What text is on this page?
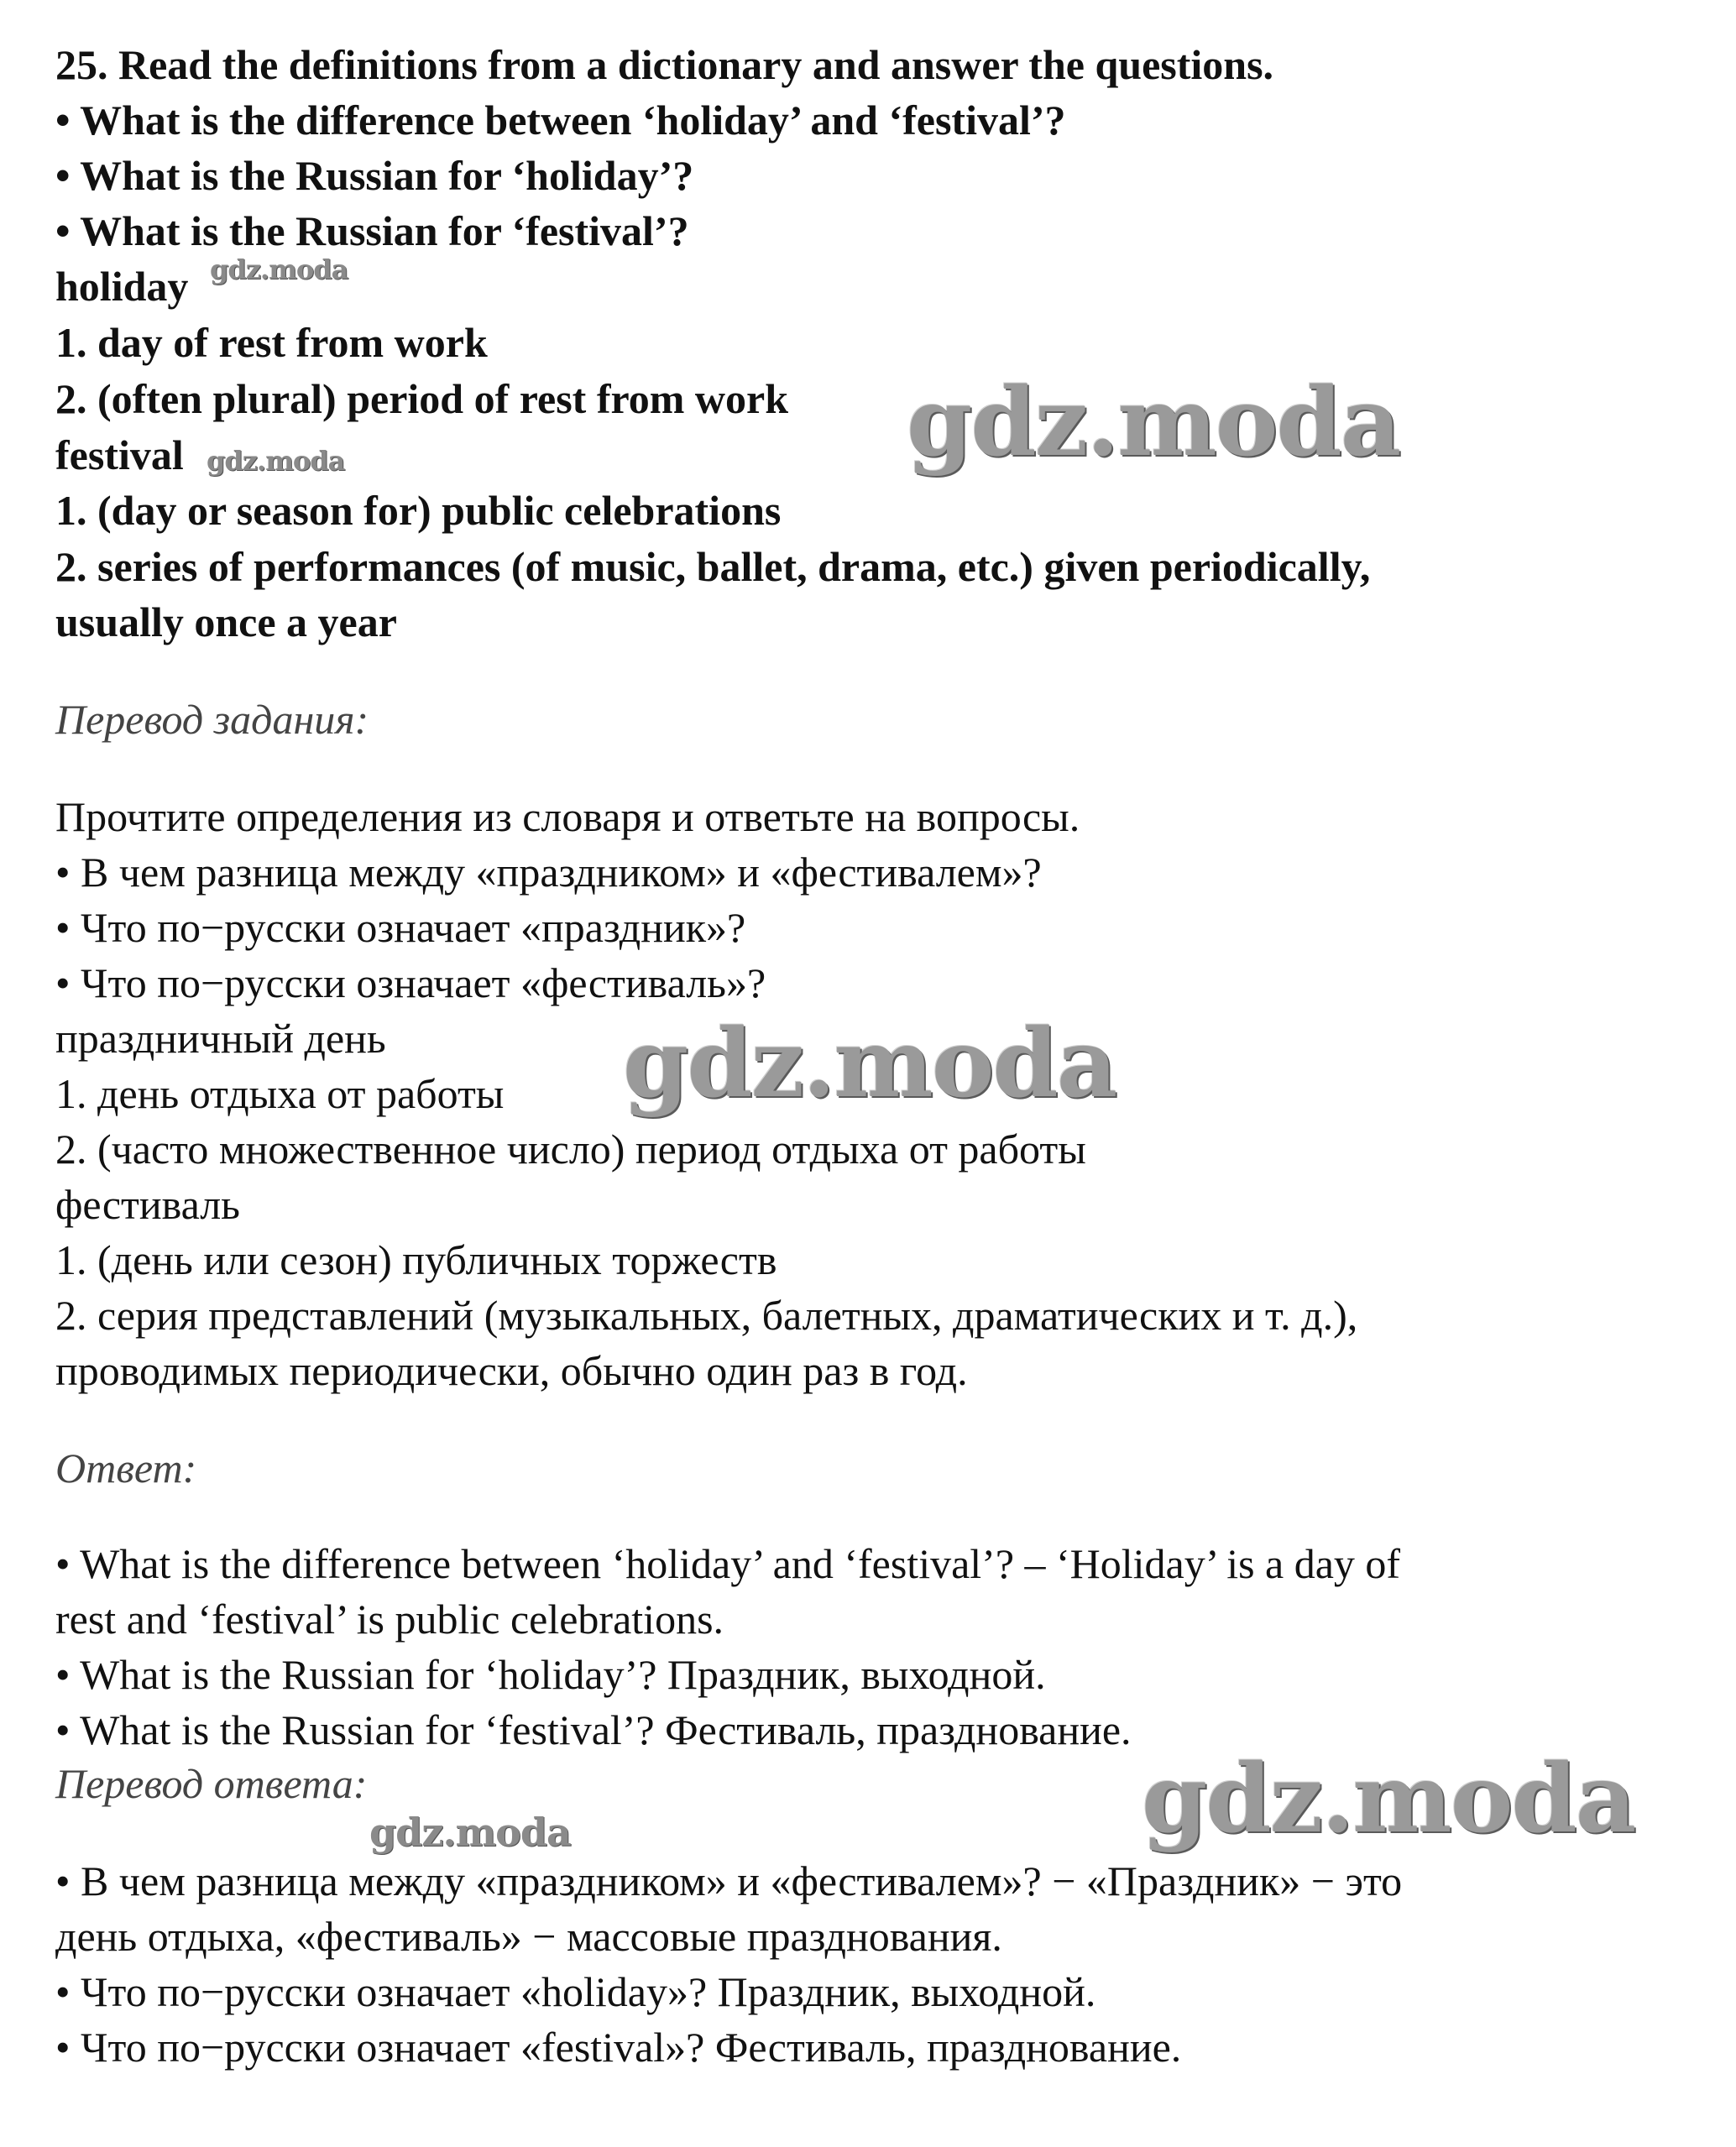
25. Read the definitions from a dictionary and answer the questions.
• What is the difference between ‘holiday’ and ‘festival’?
• What is the Russian for ‘holiday’?
• What is the Russian for ‘festival’?
holiday
1. day of rest from work
2. (often plural) period of rest from work
festival
1. (day or season for) public celebrations
2. series of performances (of music, ballet, drama, etc.) given periodically,
usually once a year
Перевод задания:
Прочтите определения из словаря и ответьте на вопросы.
• В чем разница между «праздником» и «фестивалем»?
• Что по−русски означает «праздник»?
• Что по−русски означает «фестиваль»?
праздничный день
1. день отдыха от работы
2. (часто множественное число) период отдыха от работы
фестиваль
1. (день или сезон) публичных торжеств
2. серия представлений (музыкальных, балетных, драматических и т. д.),
проводимых периодически, обычно один раз в год.
Ответ:
• What is the difference between ‘holiday’ and ‘festival’? – ‘Holiday’ is a day of
rest and ‘festival’ is public celebrations.
• What is the Russian for ‘holiday’? Праздник, выходной.
• What is the Russian for ‘festival’? Фестиваль, празднование.
Перевод ответа:
• В чем разница между «праздником» и «фестивалем»? − «Праздник» − это
день отдыха, «фестиваль» − массовые празднования.
• Что по−русски означает «holiday»? Праздник, выходной.
• Что по−русски означает «festival»? Фестиваль, празднование.
gdz.moda
gdz.moda	gdz.moda
gdz.moda
gdz.moda
gdz.moda
